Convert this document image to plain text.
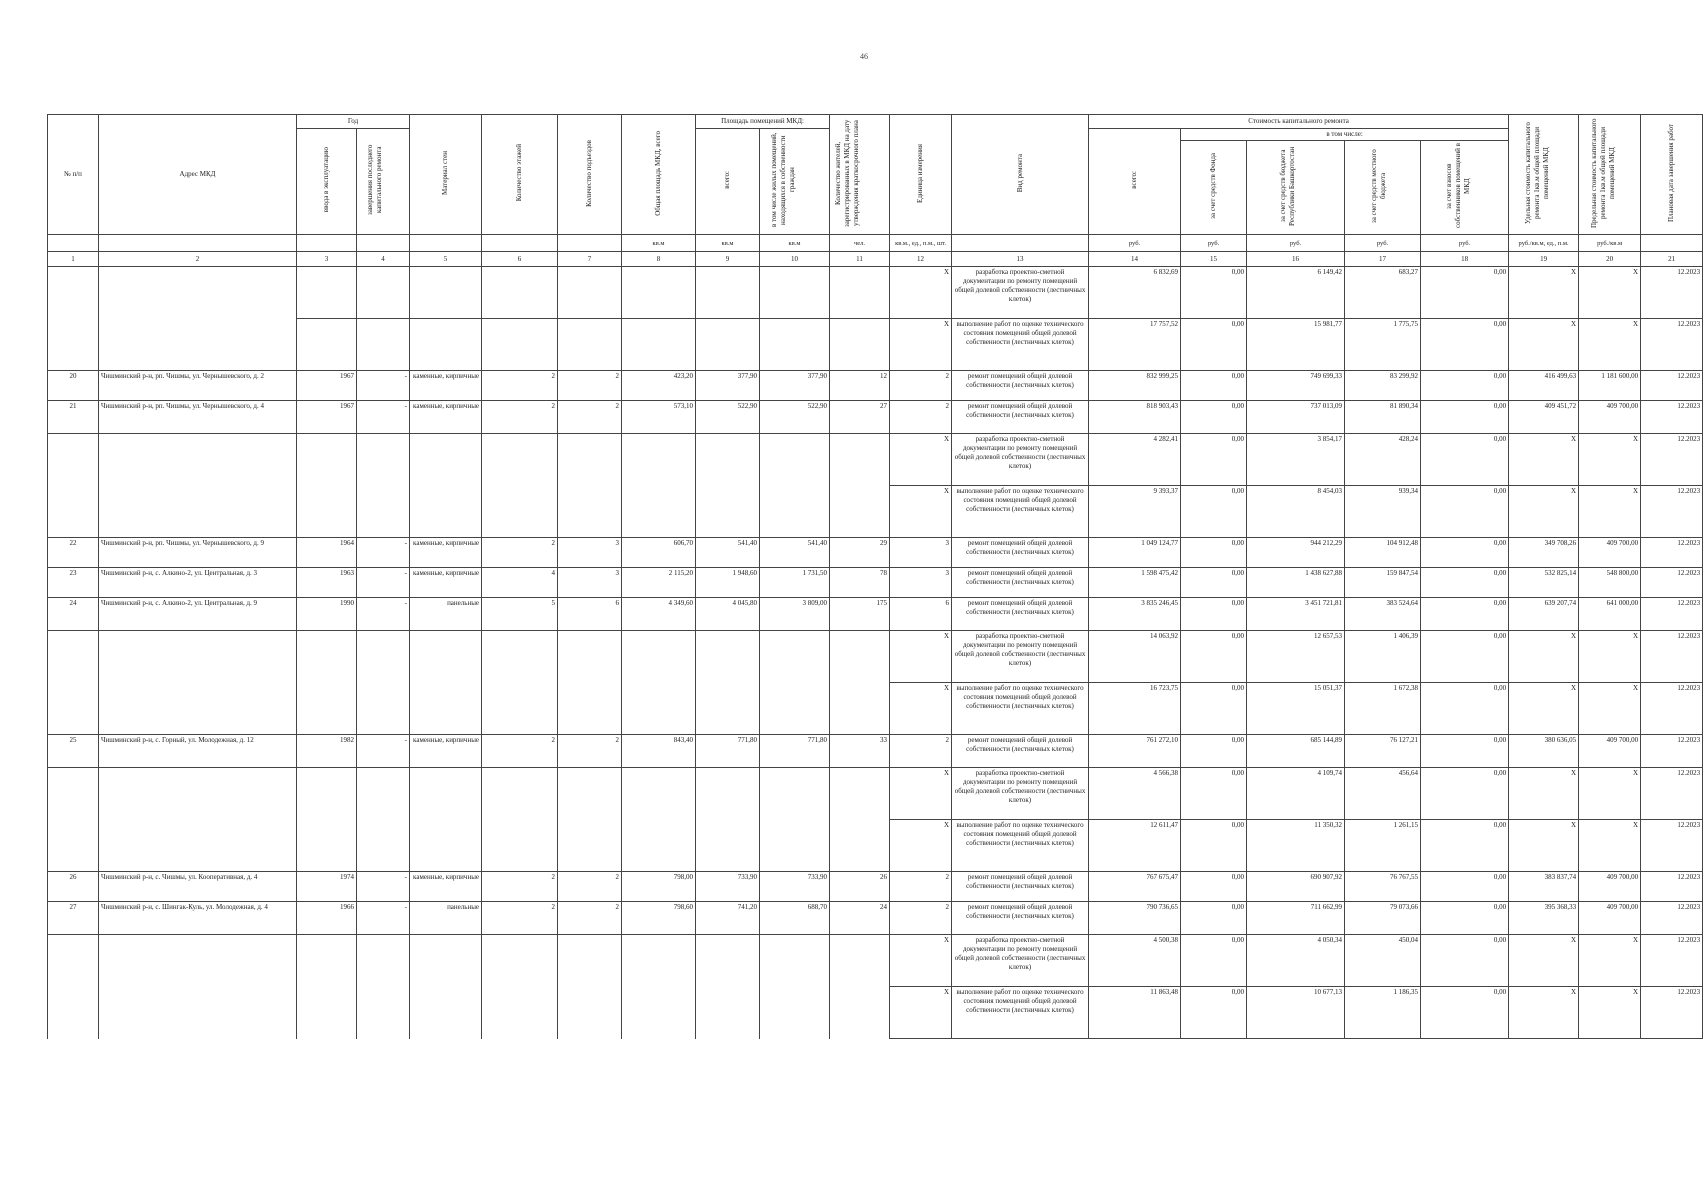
46
№ п/п	Адрес МКД	Год		Материал стен	Количество этажей	Количество подъездов	Общая площадь МКД, всего	Площадь помещений МКД:		Количество жителей, зарегистрированных в МКД на дату утверждения краткосрочного плана	Единица измерения	Вид ремонта	Стоимость капитального ремонта					Удельная стоимость капитального ремонта 1кв.м общей площади помещений МКД	Предельная стоимость капитального ремонта 1кв.м общей площади помещений МКД	Плановая дата завершения работ
		ввода в эксплуатацию	завершения последнего капитального ремонта					всего:	в том числе жилых помещений, находящихся в собственности граждан				всего:	в том числе:						
														за счет средств Фонда	за счет средств бюджета Республики Башкортостан	за счет средств местного бюджета	за счет взносов собственников помещений в МКД			
							кв.м	кв.м	кв.м	чел.	кв.м., ед., п.м., шт.		руб.	руб.	руб.	руб.	руб.	руб./кв.м, ед., п.м.	руб./кв.м	
1	2	3	4	5	6	7	8	9	10	11	12	13	14	15	16	17	18	19	20	21
											X	разработка проектно-сметной документации по ремонту помещений общей долевой собственности (лестничных клеток)	6 832,69	0,00	6 149,42	683,27	0,00	X	X	12.2023
											X	выполнение работ по оценке технического состояния помещений общей долевой собственности (лестничных клеток)	17 757,52	0,00	15 981,77	1 775,75	0,00	X	X	12.2023
20	Чишминский р-н, рп. Чишмы, ул. Чернышевского, д. 2	1967	-	каменные, кирпичные	2	2	423,20	377,90	377,90	12	2	ремонт помещений общей долевой собственности (лестничных клеток)	832 999,25	0,00	749 699,33	83 299,92	0,00	416 499,63	1 181 600,00	12.2023
21	Чишминский р-н, рп. Чишмы, ул. Чернышевского, д. 4	1967	-	каменные, кирпичные	2	2	573,10	522,90	522,90	27	2	ремонт помещений общей долевой собственности (лестничных клеток)	818 903,43	0,00	737 013,09	81 890,34	0,00	409 451,72	409 700,00	12.2023
											X	разработка проектно-сметной документации по ремонту помещений общей долевой собственности (лестничных клеток)	4 282,41	0,00	3 854,17	428,24	0,00	X	X	12.2023
											X	выполнение работ по оценке технического состояния помещений общей долевой собственности (лестничных клеток)	9 393,37	0,00	8 454,03	939,34	0,00	X	X	12.2023
22	Чишминский р-н, рп. Чишмы, ул. Чернышевского, д. 9	1964	-	каменные, кирпичные	2	3	606,70	541,40	541,40	29	3	ремонт помещений общей долевой собственности (лестничных клеток)	1 049 124,77	0,00	944 212,29	104 912,48	0,00	349 708,26	409 700,00	12.2023
23	Чишминский р-н, с. Алкино-2, ул. Центральная, д. 3	1963	-	каменные, кирпичные	4	3	2 115,20	1 948,60	1 731,50	78	3	ремонт помещений общей долевой собственности (лестничных клеток)	1 598 475,42	0,00	1 438 627,88	159 847,54	0,00	532 825,14	548 800,00	12.2023
24	Чишминский р-н, с. Алкино-2, ул. Центральная, д. 9	1990	-	панельные	5	6	4 349,60	4 045,80	3 809,00	175	6	ремонт помещений общей долевой собственности (лестничных клеток)	3 835 246,45	0,00	3 451 721,81	383 524,64	0,00	639 207,74	641 000,00	12.2023
											X	разработка проектно-сметной документации по ремонту помещений общей долевой собственности (лестничных клеток)	14 063,92	0,00	12 657,53	1 406,39	0,00	X	X	12.2023
											X	выполнение работ по оценке технического состояния помещений общей долевой собственности (лестничных клеток)	16 723,75	0,00	15 051,37	1 672,38	0,00	X	X	12.2023
25	Чишминский р-н, с. Горный, ул. Молодежная, д. 12	1982	-	каменные, кирпичные	2	2	843,40	771,80	771,80	33	2	ремонт помещений общей долевой собственности (лестничных клеток)	761 272,10	0,00	685 144,89	76 127,21	0,00	380 636,05	409 700,00	12.2023
											X	разработка проектно-сметной документации по ремонту помещений общей долевой собственности (лестничных клеток)	4 566,38	0,00	4 109,74	456,64	0,00	X	X	12.2023
											X	выполнение работ по оценке технического состояния помещений общей долевой собственности (лестничных клеток)	12 611,47	0,00	11 350,32	1 261,15	0,00	X	X	12.2023
26	Чишминский р-н, с. Чишмы, ул. Кооперативная, д. 4	1974	-	каменные, кирпичные	2	2	798,00	733,90	733,90	26	2	ремонт помещений общей долевой собственности (лестничных клеток)	767 675,47	0,00	690 907,92	76 767,55	0,00	383 837,74	409 700,00	12.2023
27	Чишминский р-н, с. Шингак-Куль, ул. Молодежная, д. 4	1966	-	панельные	2	2	798,60	741,20	688,70	24	2	ремонт помещений общей долевой собственности (лестничных клеток)	790 736,65	0,00	711 662,99	79 073,66	0,00	395 368,33	409 700,00	12.2023
											X	разработка проектно-сметной документации по ремонту помещений общей долевой собственности (лестничных клеток)	4 500,38	0,00	4 050,34	450,04	0,00	X	X	12.2023
											X	выполнение работ по оценке технического состояния помещений общей долевой собственности (лестничных клеток)	11 863,48	0,00	10 677,13	1 186,35	0,00	X	X	12.2023
